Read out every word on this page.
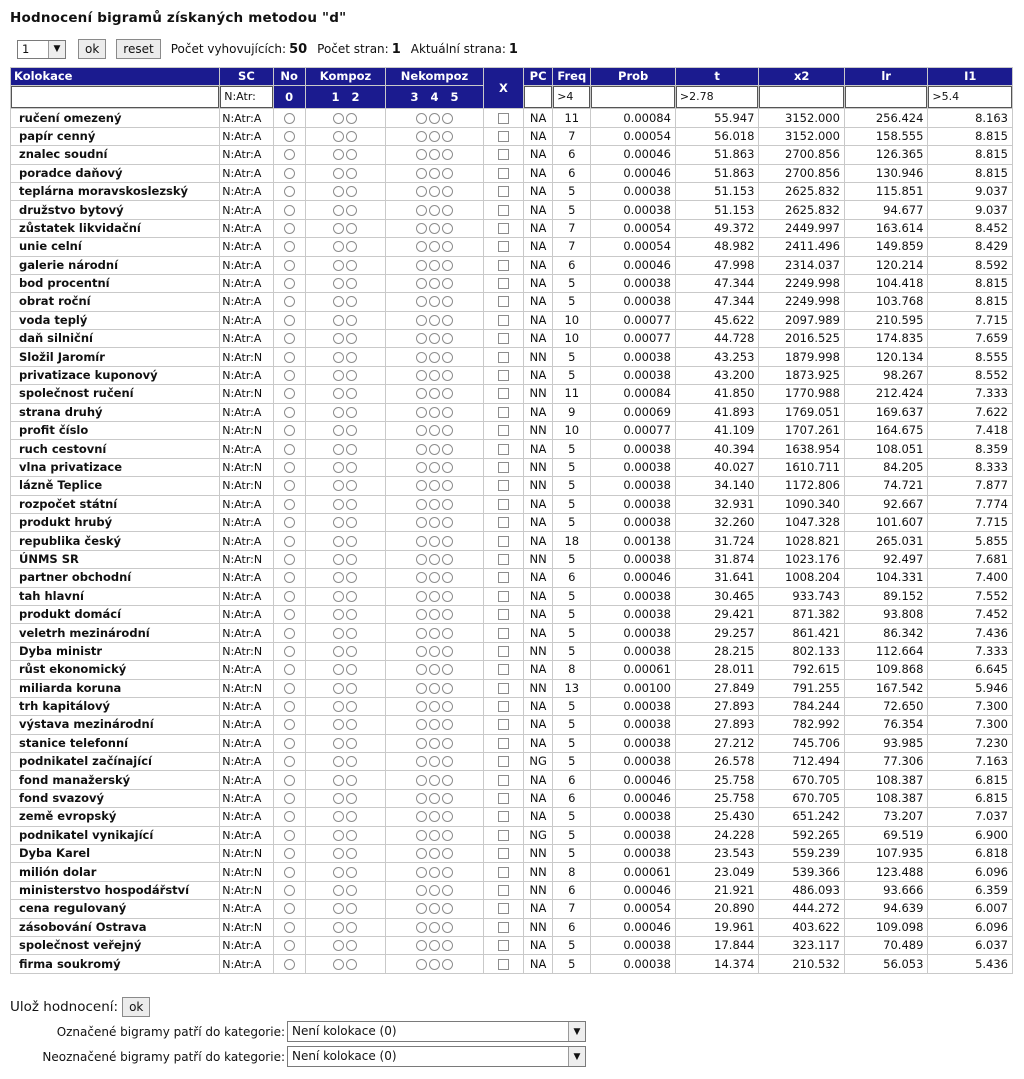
Hodnocení bigramů získaných metodou "d"
1	▼	ok	reset	Počet vyhovujících: 50 Počet stran: 1 Aktuální strana: 1
Kolokace	SC	No	Kompoz	Nekompoz	X	PC	Freq	Prob	t	x2	lr	I1

	N:Atr:	0	1 2	3 4 5			>4		>2.78			>5.4

ručení omezený	N:Atr:A					NA	11	0.00084	55.947	3152.000	256.424	8.163
papír cenný	N:Atr:A					NA	7	0.00054	56.018	3152.000	158.555	8.815
znalec soudní	N:Atr:A					NA	6	0.00046	51.863	2700.856	126.365	8.815
poradce daňový	N:Atr:A					NA	6	0.00046	51.863	2700.856	130.946	8.815
teplárna moravskoslezský	N:Atr:A					NA	5	0.00038	51.153	2625.832	115.851	9.037
družstvo bytový	N:Atr:A					NA	5	0.00038	51.153	2625.832	94.677	9.037
zůstatek likvidační	N:Atr:A					NA	7	0.00054	49.372	2449.997	163.614	8.452
unie celní	N:Atr:A					NA	7	0.00054	48.982	2411.496	149.859	8.429
galerie národní	N:Atr:A					NA	6	0.00046	47.998	2314.037	120.214	8.592
bod procentní	N:Atr:A					NA	5	0.00038	47.344	2249.998	104.418	8.815
obrat roční	N:Atr:A					NA	5	0.00038	47.344	2249.998	103.768	8.815
voda teplý	N:Atr:A					NA	10	0.00077	45.622	2097.989	210.595	7.715
daň silniční	N:Atr:A					NA	10	0.00077	44.728	2016.525	174.835	7.659
Složil Jaromír	N:Atr:N					NN	5	0.00038	43.253	1879.998	120.134	8.555
privatizace kuponový	N:Atr:A					NA	5	0.00038	43.200	1873.925	98.267	8.552
společnost ručení	N:Atr:N					NN	11	0.00084	41.850	1770.988	212.424	7.333
strana druhý	N:Atr:A					NA	9	0.00069	41.893	1769.051	169.637	7.622
profit číslo	N:Atr:N					NN	10	0.00077	41.109	1707.261	164.675	7.418
ruch cestovní	N:Atr:A					NA	5	0.00038	40.394	1638.954	108.051	8.359
vlna privatizace	N:Atr:N					NN	5	0.00038	40.027	1610.711	84.205	8.333
lázně Teplice	N:Atr:N					NN	5	0.00038	34.140	1172.806	74.721	7.877
rozpočet státní	N:Atr:A					NA	5	0.00038	32.931	1090.340	92.667	7.774
produkt hrubý	N:Atr:A					NA	5	0.00038	32.260	1047.328	101.607	7.715
republika český	N:Atr:A					NA	18	0.00138	31.724	1028.821	265.031	5.855
ÚNMS SR	N:Atr:N					NN	5	0.00038	31.874	1023.176	92.497	7.681
partner obchodní	N:Atr:A					NA	6	0.00046	31.641	1008.204	104.331	7.400
tah hlavní	N:Atr:A					NA	5	0.00038	30.465	933.743	89.152	7.552
produkt domácí	N:Atr:A					NA	5	0.00038	29.421	871.382	93.808	7.452
veletrh mezinárodní	N:Atr:A					NA	5	0.00038	29.257	861.421	86.342	7.436
Dyba ministr	N:Atr:N					NN	5	0.00038	28.215	802.133	112.664	7.333
růst ekonomický	N:Atr:A					NA	8	0.00061	28.011	792.615	109.868	6.645
miliarda koruna	N:Atr:N					NN	13	0.00100	27.849	791.255	167.542	5.946
trh kapitálový	N:Atr:A					NA	5	0.00038	27.893	784.244	72.650	7.300
výstava mezinárodní	N:Atr:A					NA	5	0.00038	27.893	782.992	76.354	7.300
stanice telefonní	N:Atr:A					NA	5	0.00038	27.212	745.706	93.985	7.230
podnikatel začínající	N:Atr:A					NG	5	0.00038	26.578	712.494	77.306	7.163
fond manažerský	N:Atr:A					NA	6	0.00046	25.758	670.705	108.387	6.815
fond svazový	N:Atr:A					NA	6	0.00046	25.758	670.705	108.387	6.815
země evropský	N:Atr:A					NA	5	0.00038	25.430	651.242	73.207	7.037
podnikatel vynikající	N:Atr:A					NG	5	0.00038	24.228	592.265	69.519	6.900
Dyba Karel	N:Atr:N					NN	5	0.00038	23.543	559.239	107.935	6.818
milión dolar	N:Atr:N					NN	8	0.00061	23.049	539.366	123.488	6.096
ministerstvo hospodářství	N:Atr:N					NN	6	0.00046	21.921	486.093	93.666	6.359
cena regulovaný	N:Atr:A					NA	7	0.00054	20.890	444.272	94.639	6.007
zásobování Ostrava	N:Atr:N					NN	6	0.00046	19.961	403.622	109.098	6.096
společnost veřejný	N:Atr:A					NA	5	0.00038	17.844	323.117	70.489	6.037
firma soukromý	N:Atr:A					NA	5	0.00038	14.374	210.532	56.053	5.436
Ulož hodnocení: ok
Označené bigramy patří do kategorie: Není kolokace (0)	▼
Neoznačené bigramy patří do kategorie: Není kolokace (0)	▼
